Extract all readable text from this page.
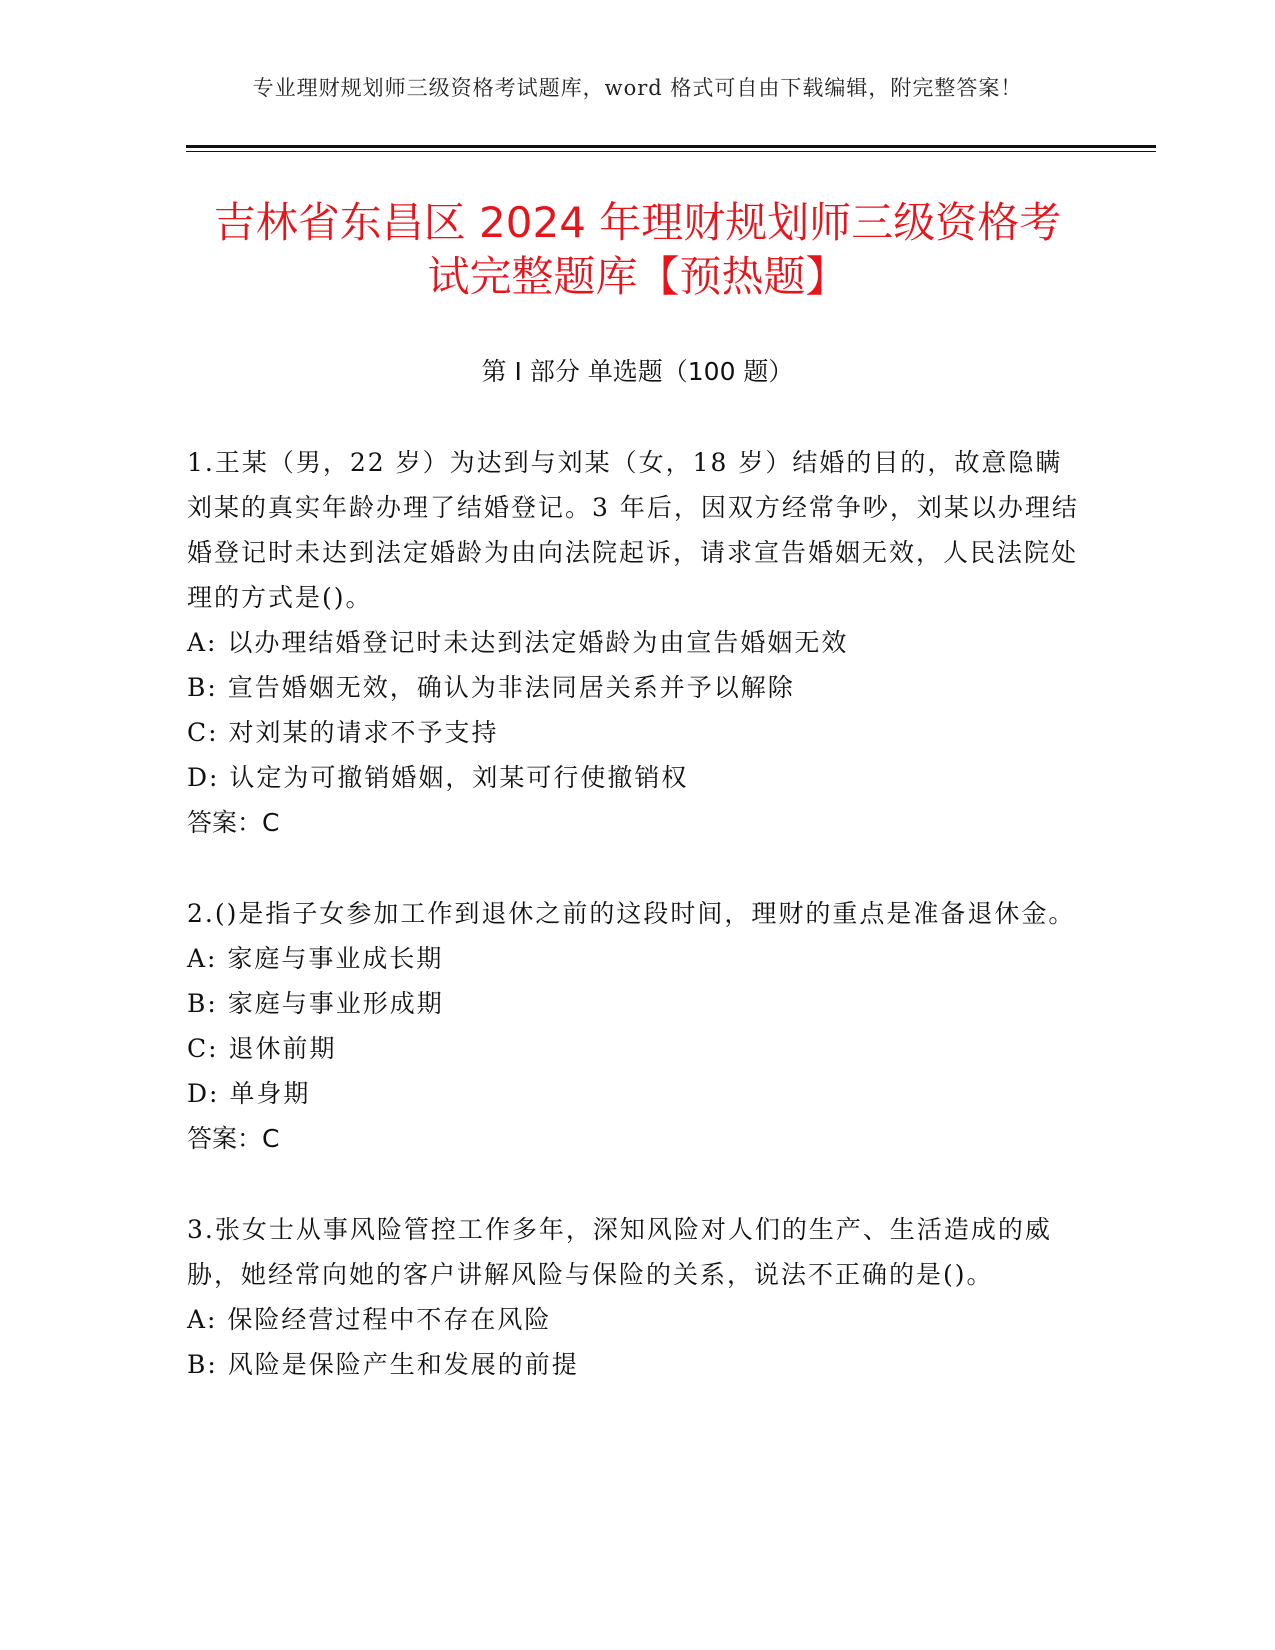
专业理财规划师三级资格考试题库，word 格式可自由下载编辑，附完整答案！
吉林省东昌区 2024 年理财规划师三级资格考
试完整题库【预热题】
第 I 部分 单选题（100 题）

1.王某（男，22 岁）为达到与刘某（女，18 岁）结婚的目的，故意隐瞒刘某的真实年龄办理了结婚登记。3 年后，因双方经常争吵，刘某以办理结婚登记时未达到法定婚龄为由向法院起诉，请求宣告婚姻无效，人民法院处理的方式是()。

A: 以办理结婚登记时未达到法定婚龄为由宣告婚姻无效

B: 宣告婚姻无效，确认为非法同居关系并予以解除

C: 对刘某的请求不予支持

D: 认定为可撤销婚姻，刘某可行使撤销权

答案：C

2.()是指子女参加工作到退休之前的这段时间，理财的重点是准备退休金。

A: 家庭与事业成长期

B: 家庭与事业形成期

C: 退休前期

D: 单身期

答案：C

3.张女士从事风险管控工作多年，深知风险对人们的生产、生活造成的威胁，她经常向她的客户讲解风险与保险的关系，说法不正确的是()。

A: 保险经营过程中不存在风险

B: 风险是保险产生和发展的前提
